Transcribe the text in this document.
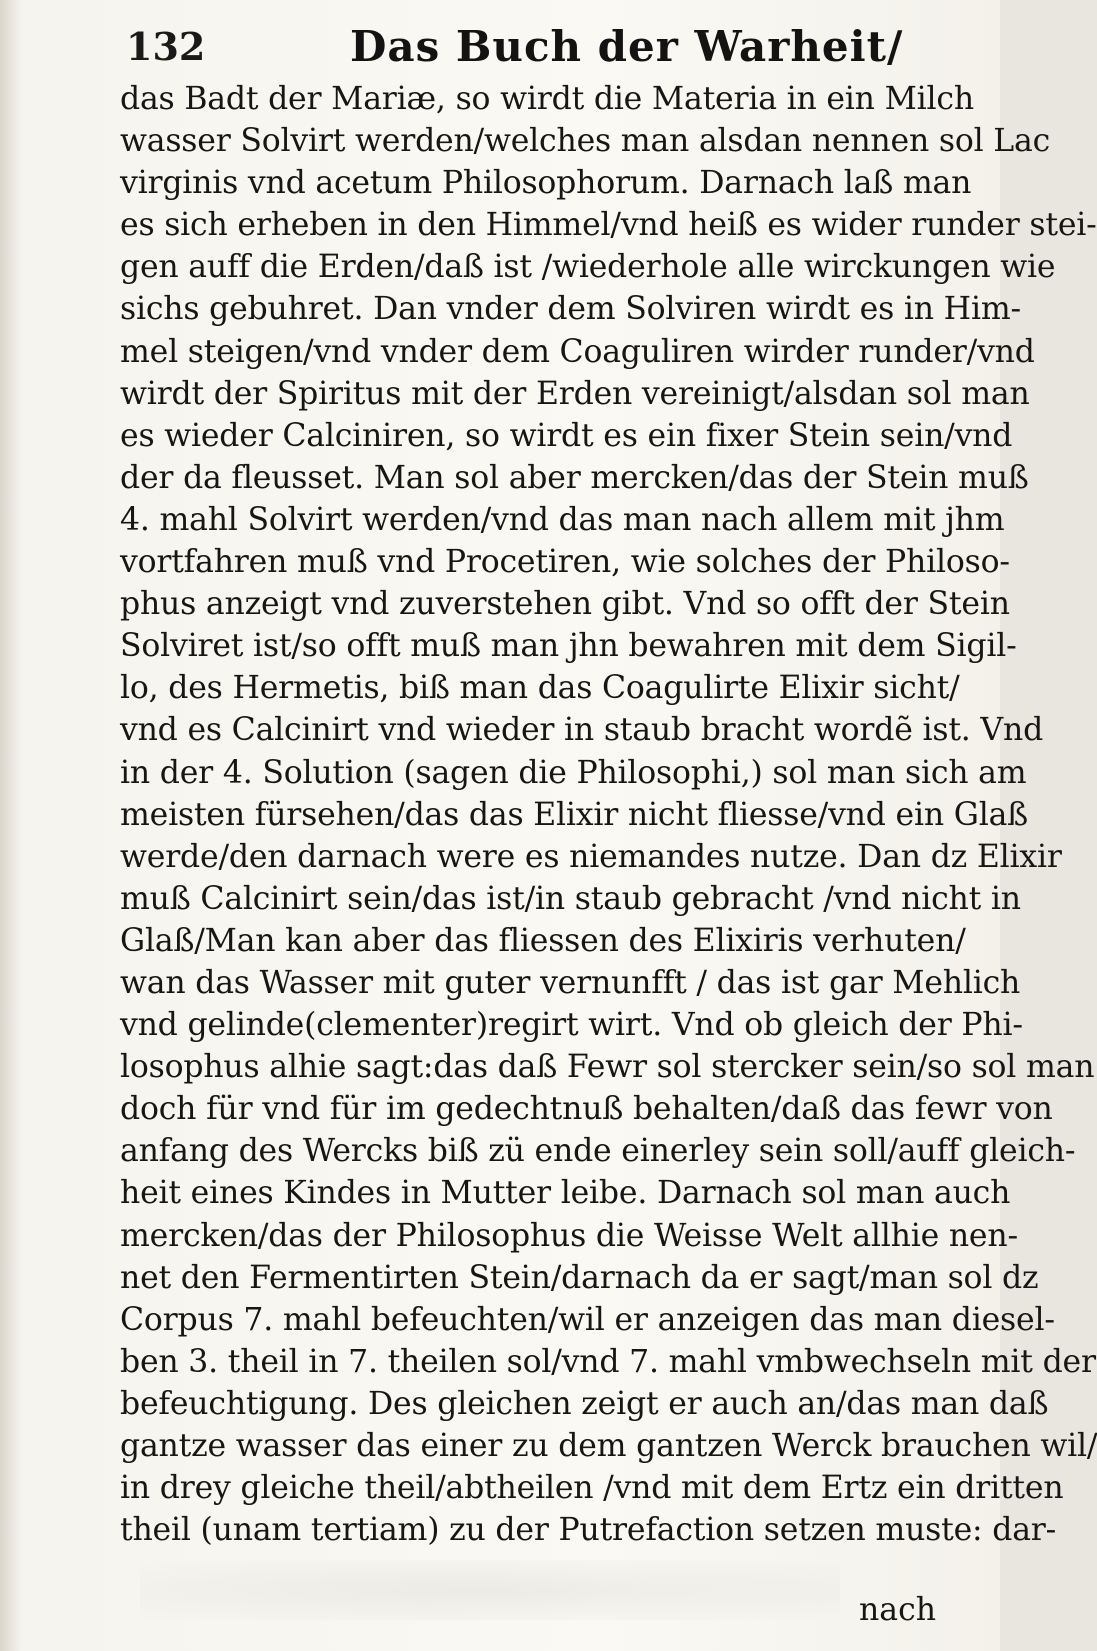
132	Das Buch der Warheit/
das Badt der Mariæ, so wirdt die Materia in ein Milch
wasser Solvirt werden/welches man alsdan nennen sol Lac
virginis vnd acetum Philosophorum. Darnach laß man
es sich erheben in den Himmel/vnd heiß es wider runder stei-
gen auff die Erden/daß ist /wiederhole alle wirckungen wie
sichs gebuhret. Dan vnder dem Solviren wirdt es in Him-
mel steigen/vnd vnder dem Coaguliren wirder runder/vnd
wirdt der Spiritus mit der Erden vereinigt/alsdan sol man
es wieder Calciniren, so wirdt es ein fixer Stein sein/vnd
der da fleusset. Man sol aber mercken/das der Stein muß
4. mahl Solvirt werden/vnd das man nach allem mit jhm
vortfahren muß vnd Procetiren, wie solches der Philoso-
phus anzeigt vnd zuverstehen gibt. Vnd so offt der Stein
Solviret ist/so offt muß man jhn bewahren mit dem Sigil-
lo, des Hermetis, biß man das Coagulirte Elixir sicht/
vnd es Calcinirt vnd wieder in staub bracht wordẽ ist. Vnd
in der 4. Solution (sagen die Philosophi,) sol man sich am
meisten fürsehen/das das Elixir nicht fliesse/vnd ein Glaß
werde/den darnach were es niemandes nutze. Dan dz Elixir
muß Calcinirt sein/das ist/in staub gebracht /vnd nicht in
Glaß/Man kan aber das fliessen des Elixiris verhuten/
wan das Wasser mit guter vernunfft / das ist gar Mehlich
vnd gelinde(clementer)regirt wirt. Vnd ob gleich der Phi-
losophus alhie sagt:das daß Fewr sol stercker sein/so sol man
doch für vnd für im gedechtnuß behalten/daß das fewr von
anfang des Wercks biß zü ende einerley sein soll/auff gleich-
heit eines Kindes in Mutter leibe. Darnach sol man auch
mercken/das der Philosophus die Weisse Welt allhie nen-
net den Fermentirten Stein/darnach da er sagt/man sol dz
Corpus 7. mahl befeuchten/wil er anzeigen das man diesel-
ben 3. theil in 7. theilen sol/vnd 7. mahl vmbwechseln mit der
befeuchtigung. Des gleichen zeigt er auch an/das man daß
gantze wasser das einer zu dem gantzen Werck brauchen wil/
in drey gleiche theil/abtheilen /vnd mit dem Ertz ein dritten
theil (unam tertiam) zu der Putrefaction setzen muste: dar-
nach
